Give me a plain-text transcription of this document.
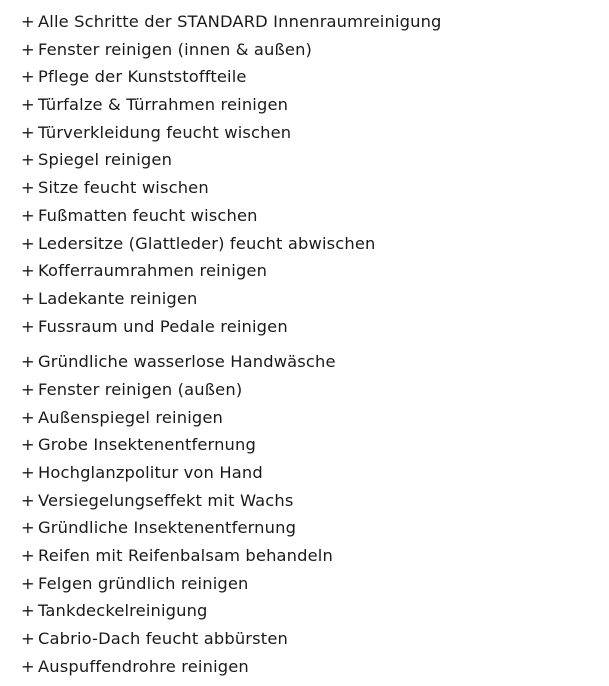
+ Alle Schritte der STANDARD Innenraumreinigung
+ Fenster reinigen (innen & außen)
+ Pflege der Kunststoffteile
+ Türfalze & Türrahmen reinigen
+ Türverkleidung feucht wischen
+ Spiegel reinigen
+ Sitze feucht wischen
+ Fußmatten feucht wischen
+ Ledersitze (Glattleder) feucht abwischen
+ Kofferraumrahmen reinigen
+ Ladekante reinigen
+ Fussraum und Pedale reinigen
+ Gründliche wasserlose Handwäsche
+ Fenster reinigen (außen)
+ Außenspiegel reinigen
+ Grobe Insektenentfernung
+ Hochglanzpolitur von Hand
+ Versiegelungseffekt mit Wachs
+ Gründliche Insektenentfernung
+ Reifen mit Reifenbalsam behandeln
+ Felgen gründlich reinigen
+ Tankdeckelreinigung
+ Cabrio-Dach feucht abbürsten
+ Auspuffendrohre reinigen
